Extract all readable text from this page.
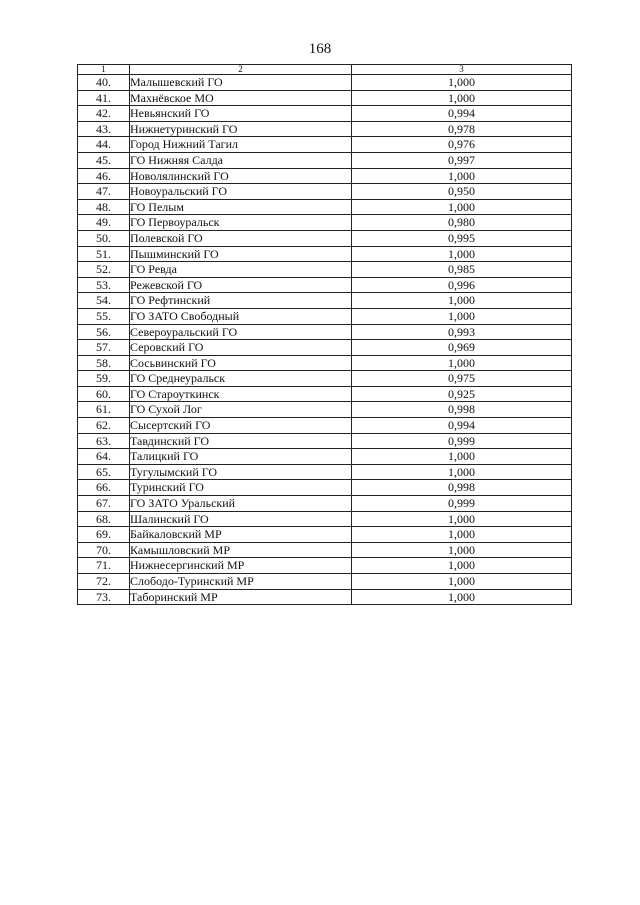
168
1	2	3
40.	Малышевский ГО	1,000
41.	Махнёвское МО	1,000
42.	Невьянский ГО	0,994
43.	Нижнетуринский ГО	0,978
44.	Город Нижний Тагил	0,976
45.	ГО Нижняя Салда	0,997
46.	Новолялинский ГО	1,000
47.	Новоуральский ГО	0,950
48.	ГО Пелым	1,000
49.	ГО Первоуральск	0,980
50.	Полевской ГО	0,995
51.	Пышминский ГО	1,000
52.	ГО Ревда	0,985
53.	Режевской ГО	0,996
54.	ГО Рефтинский	1,000
55.	ГО ЗАТО Свободный	1,000
56.	Североуральский ГО	0,993
57.	Серовский ГО	0,969
58.	Сосьвинский ГО	1,000
59.	ГО Среднеуральск	0,975
60.	ГО Староуткинск	0,925
61.	ГО Сухой Лог	0,998
62.	Сысертский ГО	0,994
63.	Тавдинский ГО	0,999
64.	Талицкий ГО	1,000
65.	Тугулымский ГО	1,000
66.	Туринский ГО	0,998
67.	ГО ЗАТО Уральский	0,999
68.	Шалинский ГО	1,000
69.	Байкаловский МР	1,000
70.	Камышловский МР	1,000
71.	Нижнесергинский МР	1,000
72.	Слободо-Туринский МР	1,000
73.	Таборинский МР	1,000
